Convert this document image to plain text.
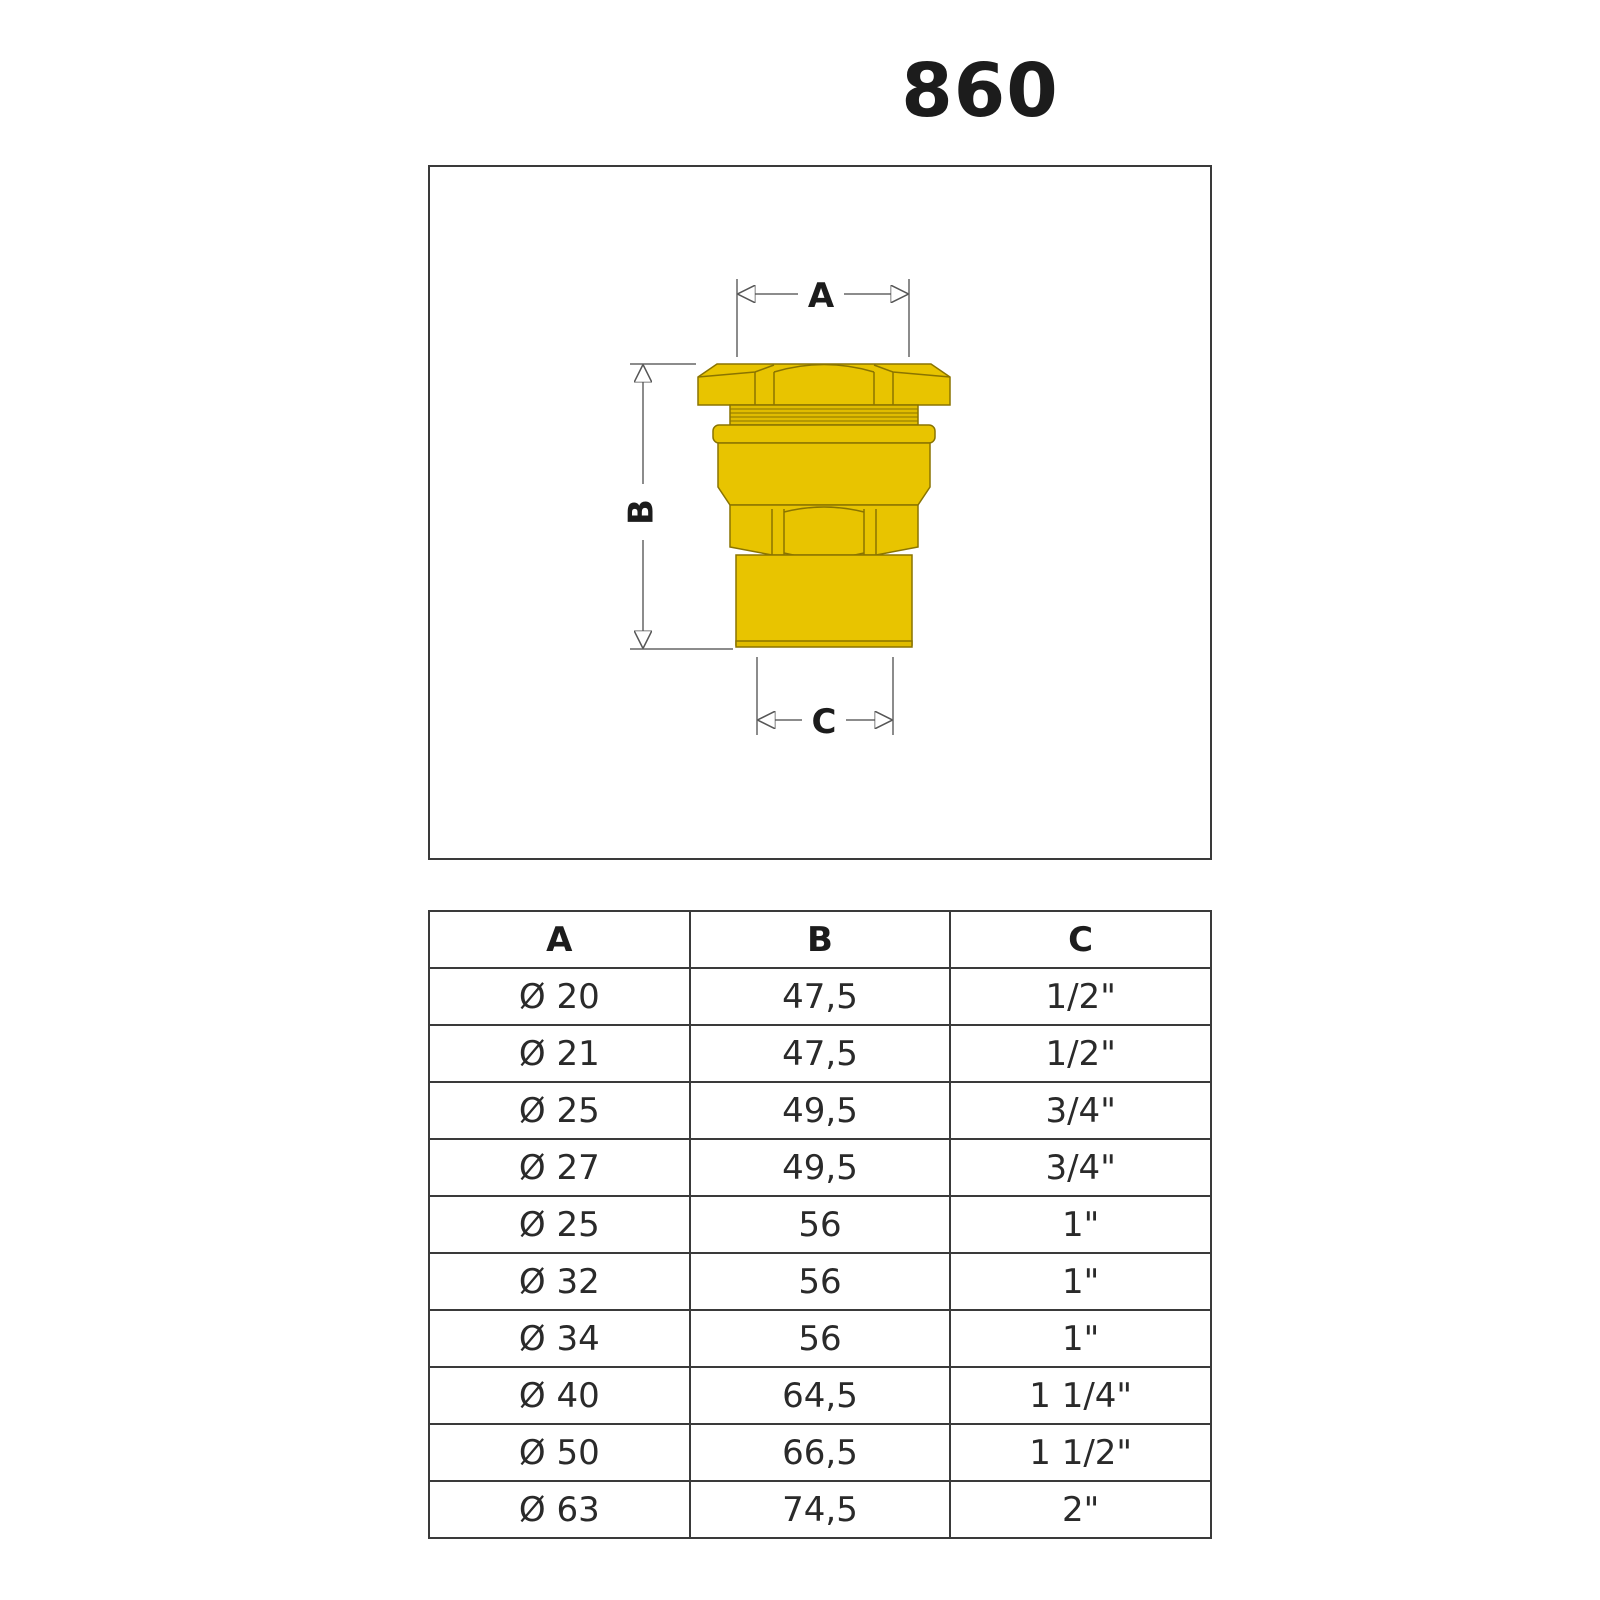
860
A
B
C
A	B	C
Ø 20	47,5	1/2"
Ø 21	47,5	1/2"
Ø 25	49,5	3/4"
Ø 27	49,5	3/4"
Ø 25	56	1"
Ø 32	56	1"
Ø 34	56	1"
Ø 40	64,5	1 1/4"
Ø 50	66,5	1 1/2"
Ø 63	74,5	2"
